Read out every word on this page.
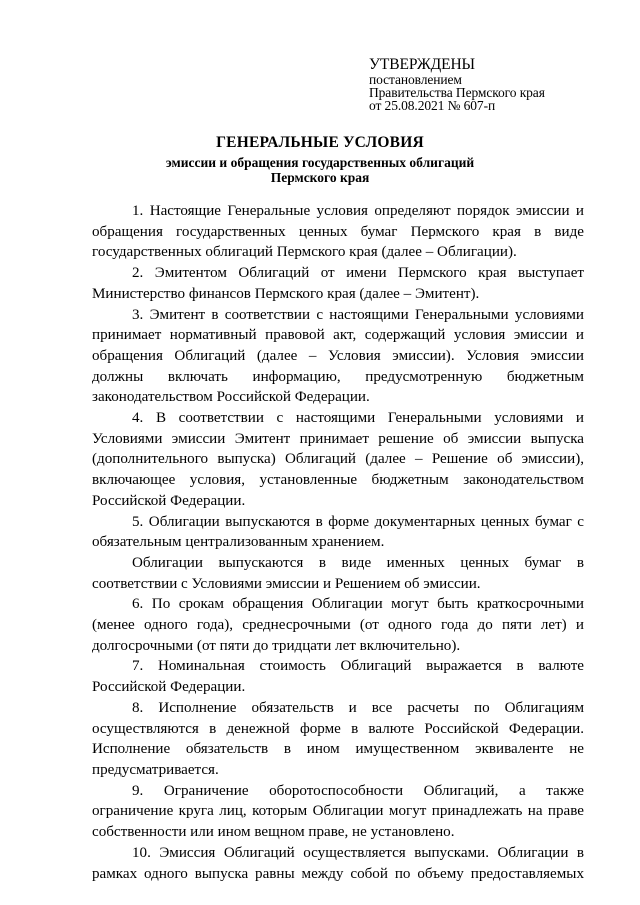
УТВЕРЖДЕНЫ
постановлением
Правительства Пермского края
от 25.08.2021 № 607-п
ГЕНЕРАЛЬНЫЕ УСЛОВИЯ
эмиссии и обращения государственных облигаций
Пермского края

1. Настоящие Генеральные условия определяют порядок эмиссии и обращения государственных ценных бумаг Пермского края в виде государственных облигаций Пермского края (далее – Облигации).

2. Эмитентом Облигаций от имени Пермского края выступает Министерство финансов Пермского края (далее – Эмитент).

3. Эмитент в соответствии с настоящими Генеральными условиями принимает нормативный правовой акт, содержащий условия эмиссии и обращения Облигаций (далее – Условия эмиссии). Условия эмиссии должны включать информацию, предусмотренную бюджетным законодательством Российской Федерации.

4. В соответствии с настоящими Генеральными условиями и Условиями эмиссии Эмитент принимает решение об эмиссии выпуска (дополнительного выпуска) Облигаций (далее – Решение об эмиссии), включающее условия, установленные бюджетным законодательством Российской Федерации.

5. Облигации выпускаются в форме документарных ценных бумаг с обязательным централизованным хранением.

Облигации выпускаются в виде именных ценных бумаг в соответствии с Условиями эмиссии и Решением об эмиссии.

6. По срокам обращения Облигации могут быть краткосрочными (менее одного года), среднесрочными (от одного года до пяти лет) и долгосрочными (от пяти до тридцати лет включительно).

7. Номинальная стоимость Облигаций выражается в валюте Российской Федерации.

8. Исполнение обязательств и все расчеты по Облигациям осуществляются в денежной форме в валюте Российской Федерации. Исполнение обязательств в ином имущественном эквиваленте не предусматривается.

9. Ограничение оборотоспособности Облигаций, а также ограничение круга лиц, которым Облигации могут принадлежать на праве собственности или ином вещном праве, не установлено.

10. Эмиссия Облигаций осуществляется выпусками. Облигации в рамках одного выпуска равны между собой по объему предоставляемых
